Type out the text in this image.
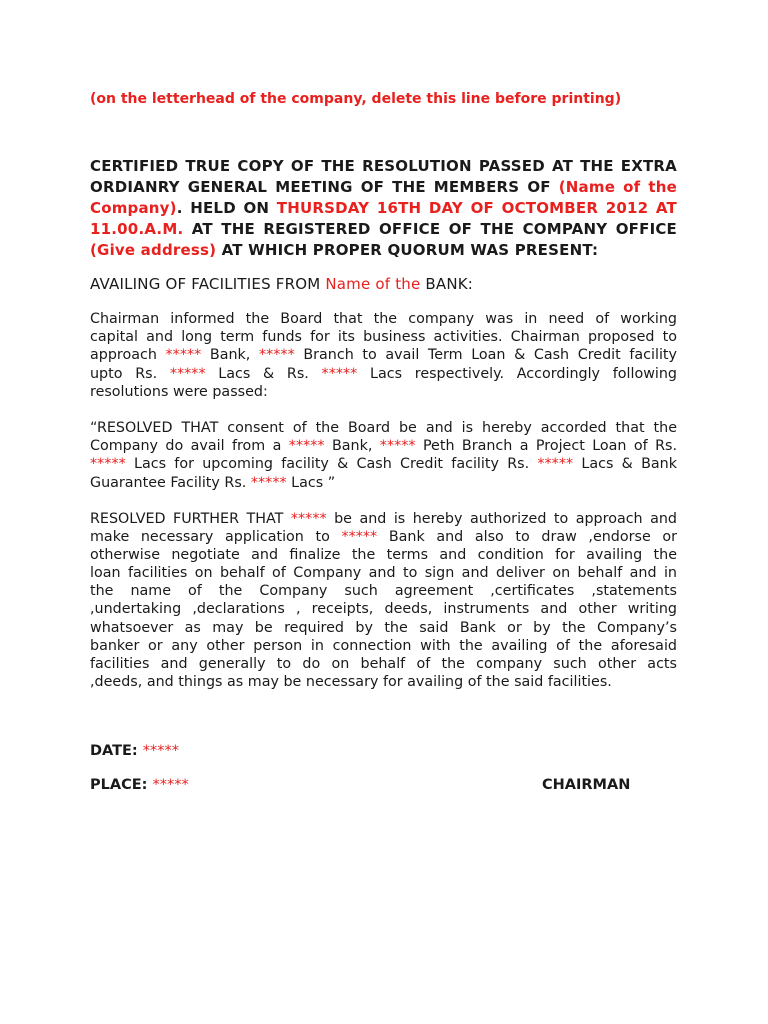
(on the letterhead of the company, delete this line before printing)
CERTIFIED TRUE COPY OF THE RESOLUTION PASSED AT THE EXTRA
ORDIANRY GENERAL MEETING OF THE MEMBERS OF (Name of the
Company). HELD ON THURSDAY 16TH DAY OF OCTOMBER 2012 AT
11.00.A.M. AT THE REGISTERED OFFICE OF THE COMPANY OFFICE
(Give address) AT WHICH PROPER QUORUM WAS PRESENT:
AVAILING OF FACILITIES FROM Name of the BANK:
Chairman informed the Board that the company was in need of working
capital and long term funds for its business activities. Chairman proposed to
approach ***** Bank, ***** Branch to avail Term Loan & Cash Credit facility
upto Rs. ***** Lacs & Rs. ***** Lacs respectively. Accordingly following
resolutions were passed:
“RESOLVED THAT consent of the Board be and is hereby accorded that the
Company do avail from a ***** Bank, ***** Peth Branch a Project Loan of Rs.
***** Lacs for upcoming facility & Cash Credit facility Rs. ***** Lacs & Bank
Guarantee Facility Rs. ***** Lacs ”
RESOLVED FURTHER THAT ***** be and is hereby authorized to approach and
make necessary application to ***** Bank and also to draw ,endorse or
otherwise negotiate and finalize the terms and condition for availing the
loan facilities on behalf of Company and to sign and deliver on behalf and in
the name of the Company such agreement ,certificates ,statements
,undertaking ,declarations , receipts, deeds, instruments and other writing
whatsoever as may be required by the said Bank or by the Company’s
banker or any other person in connection with the availing of the aforesaid
facilities and generally to do on behalf of the company such other acts
,deeds, and things as may be necessary for availing of the said facilities.
DATE: *****
PLACE: *****	CHAIRMAN
